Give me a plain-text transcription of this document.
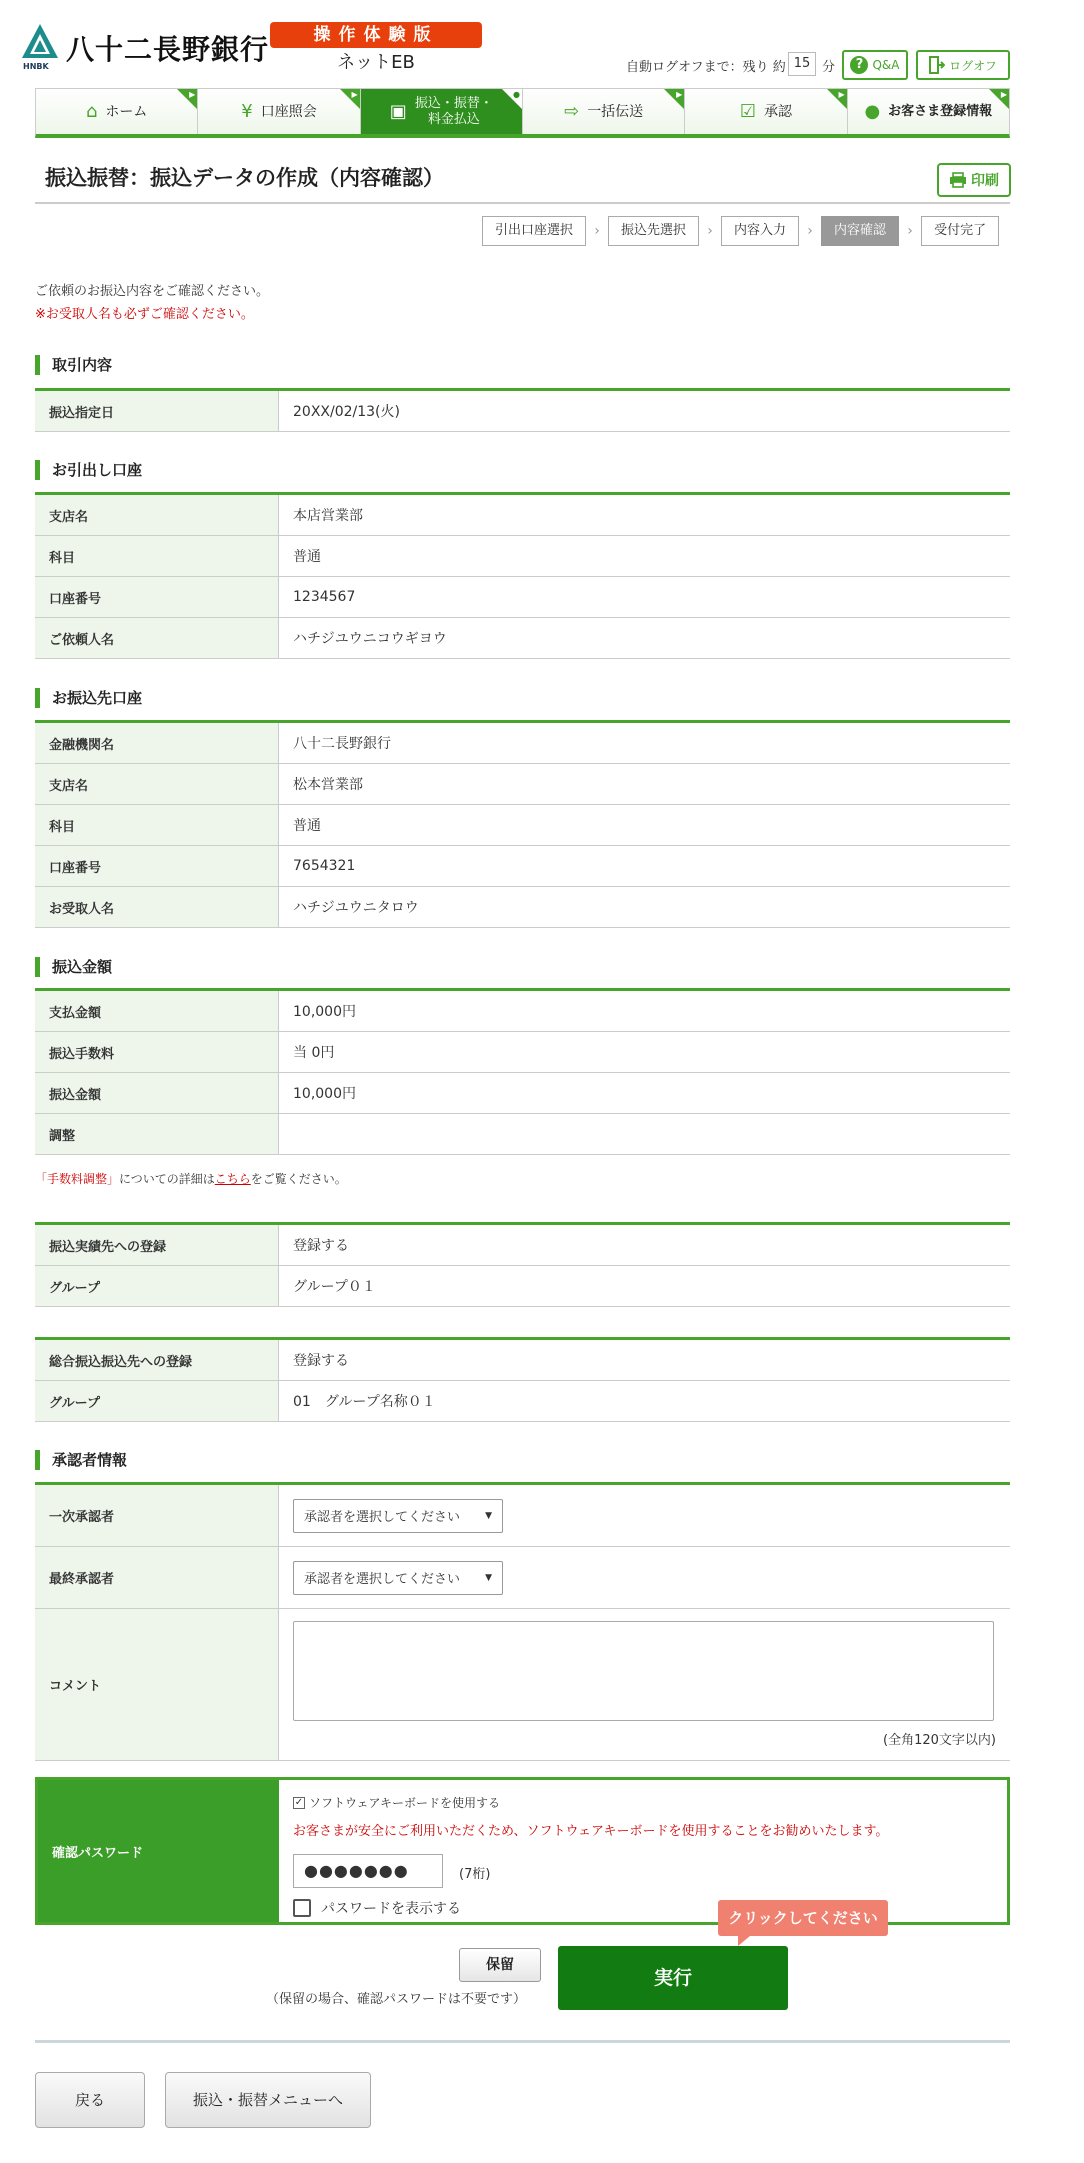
HNBK
八十二長野銀行	操作体験版
ネットEB	自動ログオフまで：残り 約 15 分	? Q&A	ログオフ
⌂ ホーム
▶
¥ 口座照会
▶
▣ 振込・振替・
料金払込
●
⇨ 一括伝送
▶
☑ 承認
▶
● お客さま登録情報
▶
振込振替：振込データの作成（内容確認）	印刷
引出口座選択	›	振込先選択	›	内容入力	›	内容確認	›	受付完了
ご依頼のお振込内容をご確認ください。
※お受取人名も必ずご確認ください。
取引内容
振込指定日	20XX/02/13(火)
お引出し口座
支店名	本店営業部
科目	普通
口座番号	1234567
ご依頼人名	ハチジユウニコウギヨウ
お振込先口座
金融機関名	八十二長野銀行
支店名	松本営業部
科目	普通
口座番号	7654321
お受取人名	ハチジユウニタロウ
振込金額
支払金額	10,000円
振込手数料	当 0円
振込金額	10,000円
調整
「手数料調整」についての詳細はこちらをご覧ください。
振込実績先への登録	登録する
グループ	グループ０１
総合振込振込先への登録	登録する
グループ	01　グループ名称０１
承認者情報
一次承認者	承認者を選択してください	▼
最終承認者	承認者を選択してください	▼
コメント
(全角120文字以内)
確認パスワード
✓ ソフトウェアキーボードを使用する
お客さまが安全にご利用いただくため、ソフトウェアキーボードを使用することをお勧めいたします。
●●●●●●●	(7桁)
パスワードを表示する	クリックしてください
保留
（保留の場合、確認パスワードは不要です）
実行
戻る	振込・振替メニューへ
